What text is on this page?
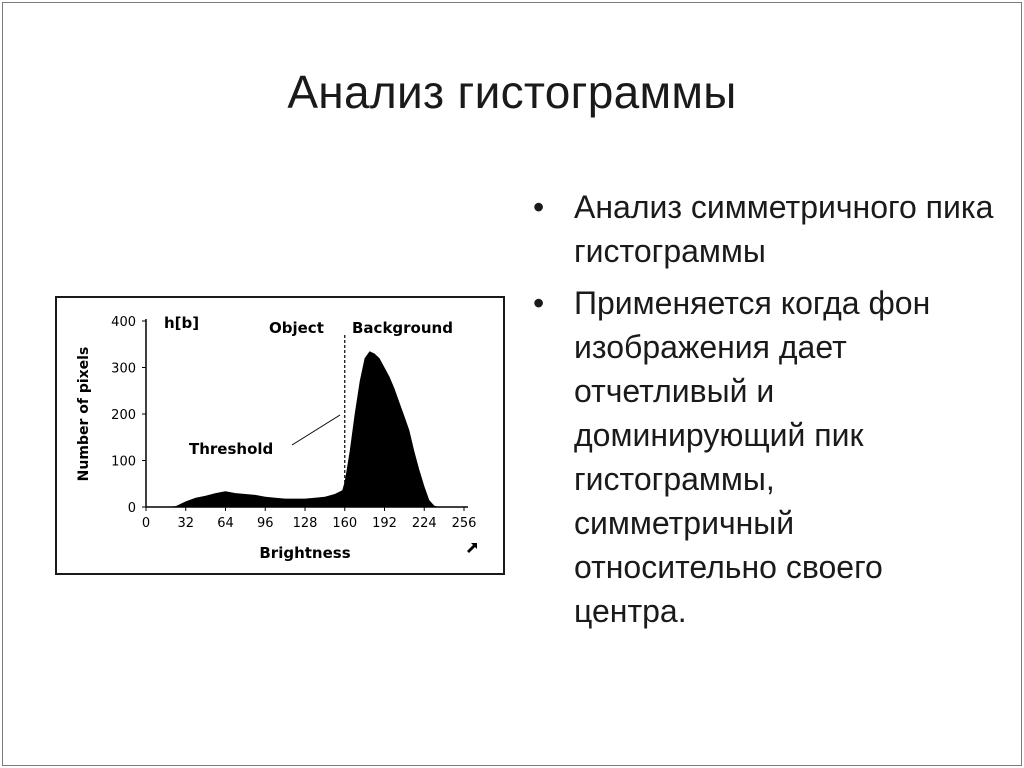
Анализ гистограммы
h[b]	Object Background
Threshold
Brightness
Number of pixels
0 32 64 96 128 160 192 224 256
0
100
200
300
400
• Анализ симметричного пика гистограммы
• Применяется когда фон изображения дает отчетливый и доминирующий пик гистограммы, симметричный относительно своего центра.
